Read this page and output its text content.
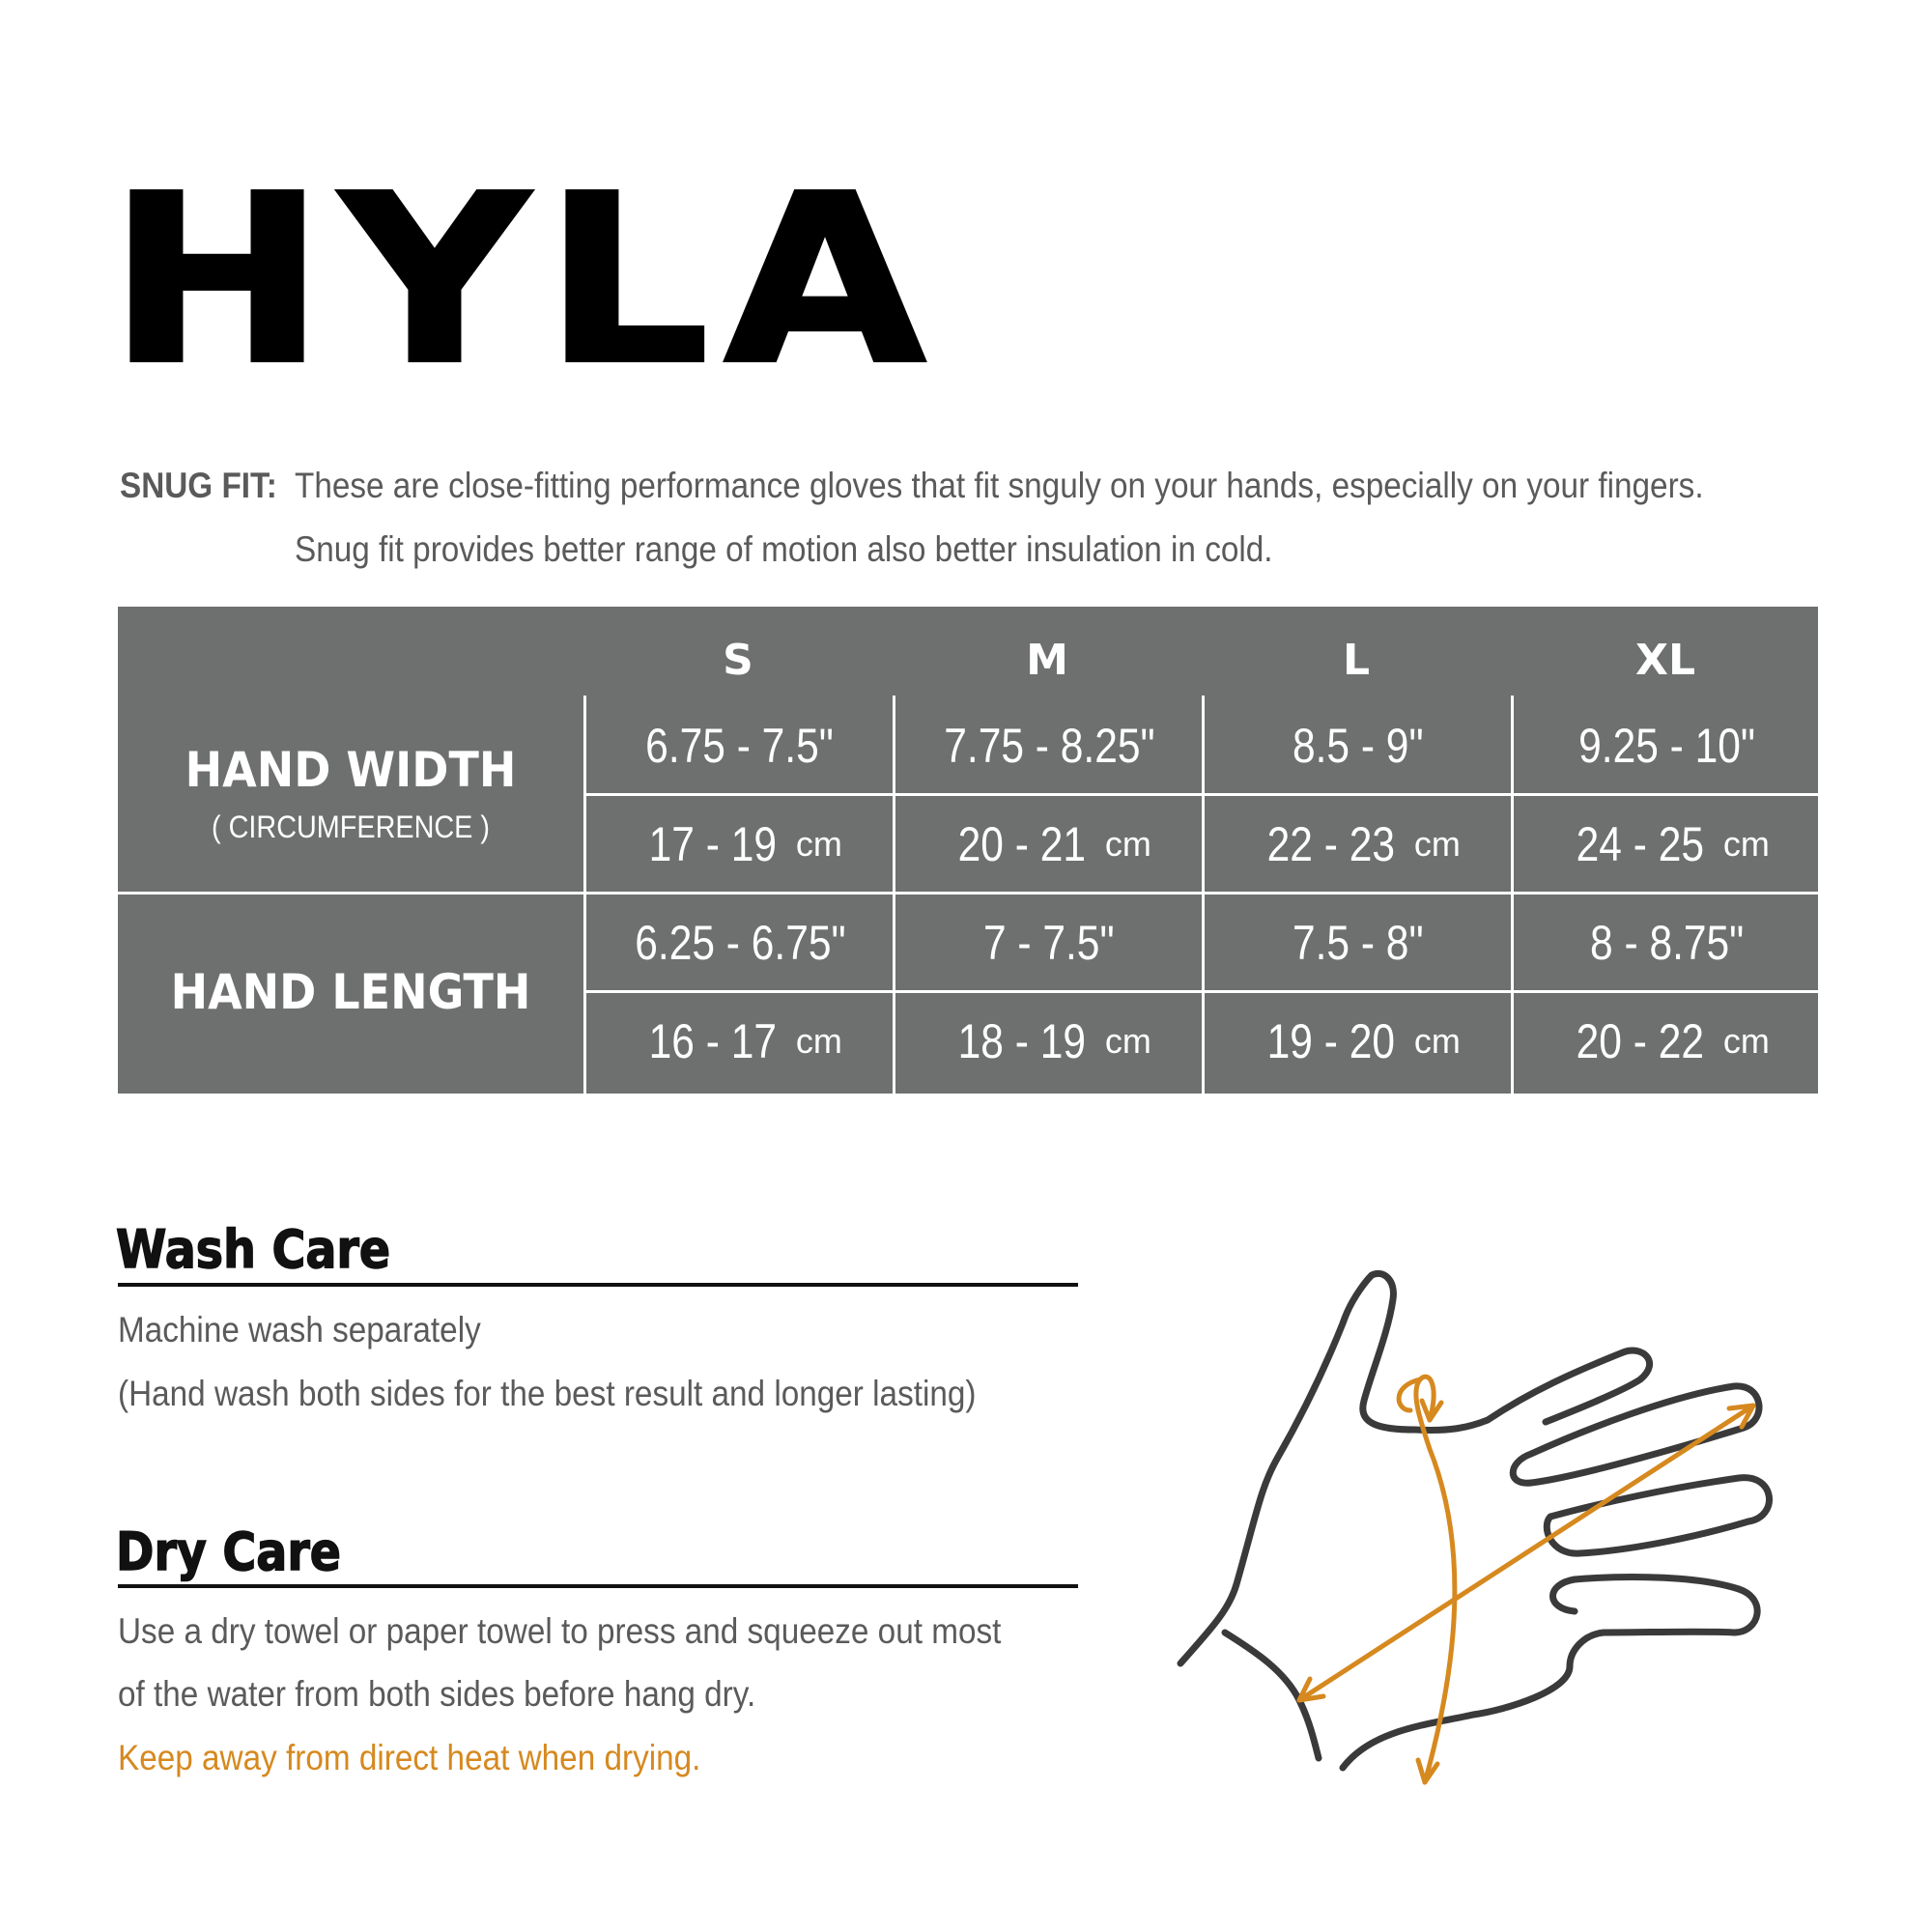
HYLA
SNUG FIT: These are close-fitting performance gloves that fit snguly on your hands, especially on your fingers.
Snug fit provides better range of motion also better insulation in cold.
S	M	L	XL
HAND WIDTH
( CIRCUMFERENCE )
HAND LENGTH
6.75 - 7.5" 7.75 - 8.25"	8.5 - 9"	9.25 - 10"
17 - 19 cm 20 - 21 cm 22 - 23 cm 24 - 25 cm
6.25 - 6.75"	7 - 7.5"	7.5 - 8"	8 - 8.75"
16 - 17 cm 18 - 19 cm 19 - 20 cm 20 - 22 cm
Wash Care
Machine wash separately
(Hand wash both sides for the best result and longer lasting)
Dry Care
Use a dry towel or paper towel to press and squeeze out most
of the water from both sides before hang dry.
Keep away from direct heat when drying.
